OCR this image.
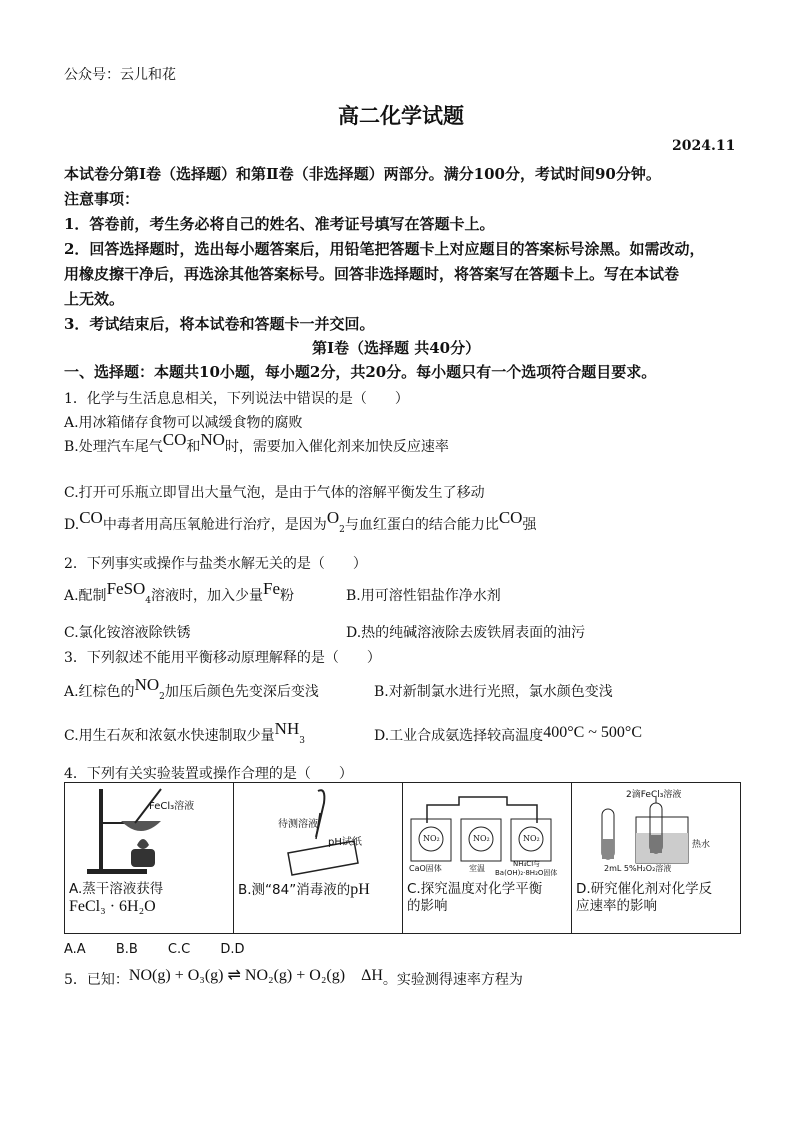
公众号：云儿和花
高二化学试题
2024.11
本试卷分第Ⅰ卷（选择题）和第Ⅱ卷（非选择题）两部分。满分100分，考试时间90分钟。
注意事项：
1．答卷前，考生务必将自己的姓名、准考证号填写在答题卡上。
2．回答选择题时，选出每小题答案后，用铅笔把答题卡上对应题目的答案标号涂黑。如需改动，
用橡皮擦干净后，再选涂其他答案标号。回答非选择题时，将答案写在答题卡上。写在本试卷
上无效。
3．考试结束后，将本试卷和答题卡一并交回。
第Ⅰ卷（选择题 共40分）
一、选择题：本题共10小题，每小题2分，共20分。每小题只有一个选项符合题目要求。
1．化学与生活息息相关，下列说法中错误的是（　　）
A.用冰箱储存食物可以减缓食物的腐败
B.处理汽车尾气CO和NO时，需要加入催化剂来加快反应速率
C.打开可乐瓶立即冒出大量气泡，是由于气体的溶解平衡发生了移动
D.CO中毒者用高压氧舱进行治疗，是因为$O_2$与血红蛋白的结合能力比CO强
2．下列事实或操作与盐类水解无关的是（　　）
A.配制FeSO$_4$溶液时，加入少量Fe粉	B.用可溶性铝盐作净水剂
C.氯化铵溶液除铁锈	D.热的纯碱溶液除去废铁屑表面的油污
3．下列叙述不能用平衡移动原理解释的是（　　）
A.红棕色的$NO_2$加压后颜色先变深后变浅	B.对新制氯水进行光照，氯水颜色变浅
C.用生石灰和浓氨水快速制取少量$NH_3$	D.工业合成氨选择较高温度400°C ~ 500°C
4．下列有关实验装置或操作合理的是（　　）
FeCl₃溶液
A.蒸干溶液获得
FeCl₃ · 6H₂O

待测溶液
pH试纸
B.测“84”消毒液的pH

NO₂	NO₂	NO₂
CaO固体	室温	NH₄Cl与
Ba(OH)₂·8H₂O固体
C.探究温度对化学平衡
的影响

2滴FeCl₃溶液
热水
2mL 5%H₂O₂溶液
D.研究催化剂对化学反
应速率的影响
A.A　　 B.B　　 C.C　　 D.D
5．已知：NO(g) + O₃(g) ⇌ NO₂(g) + O₂(g)　ΔH。实验测得速率方程为
